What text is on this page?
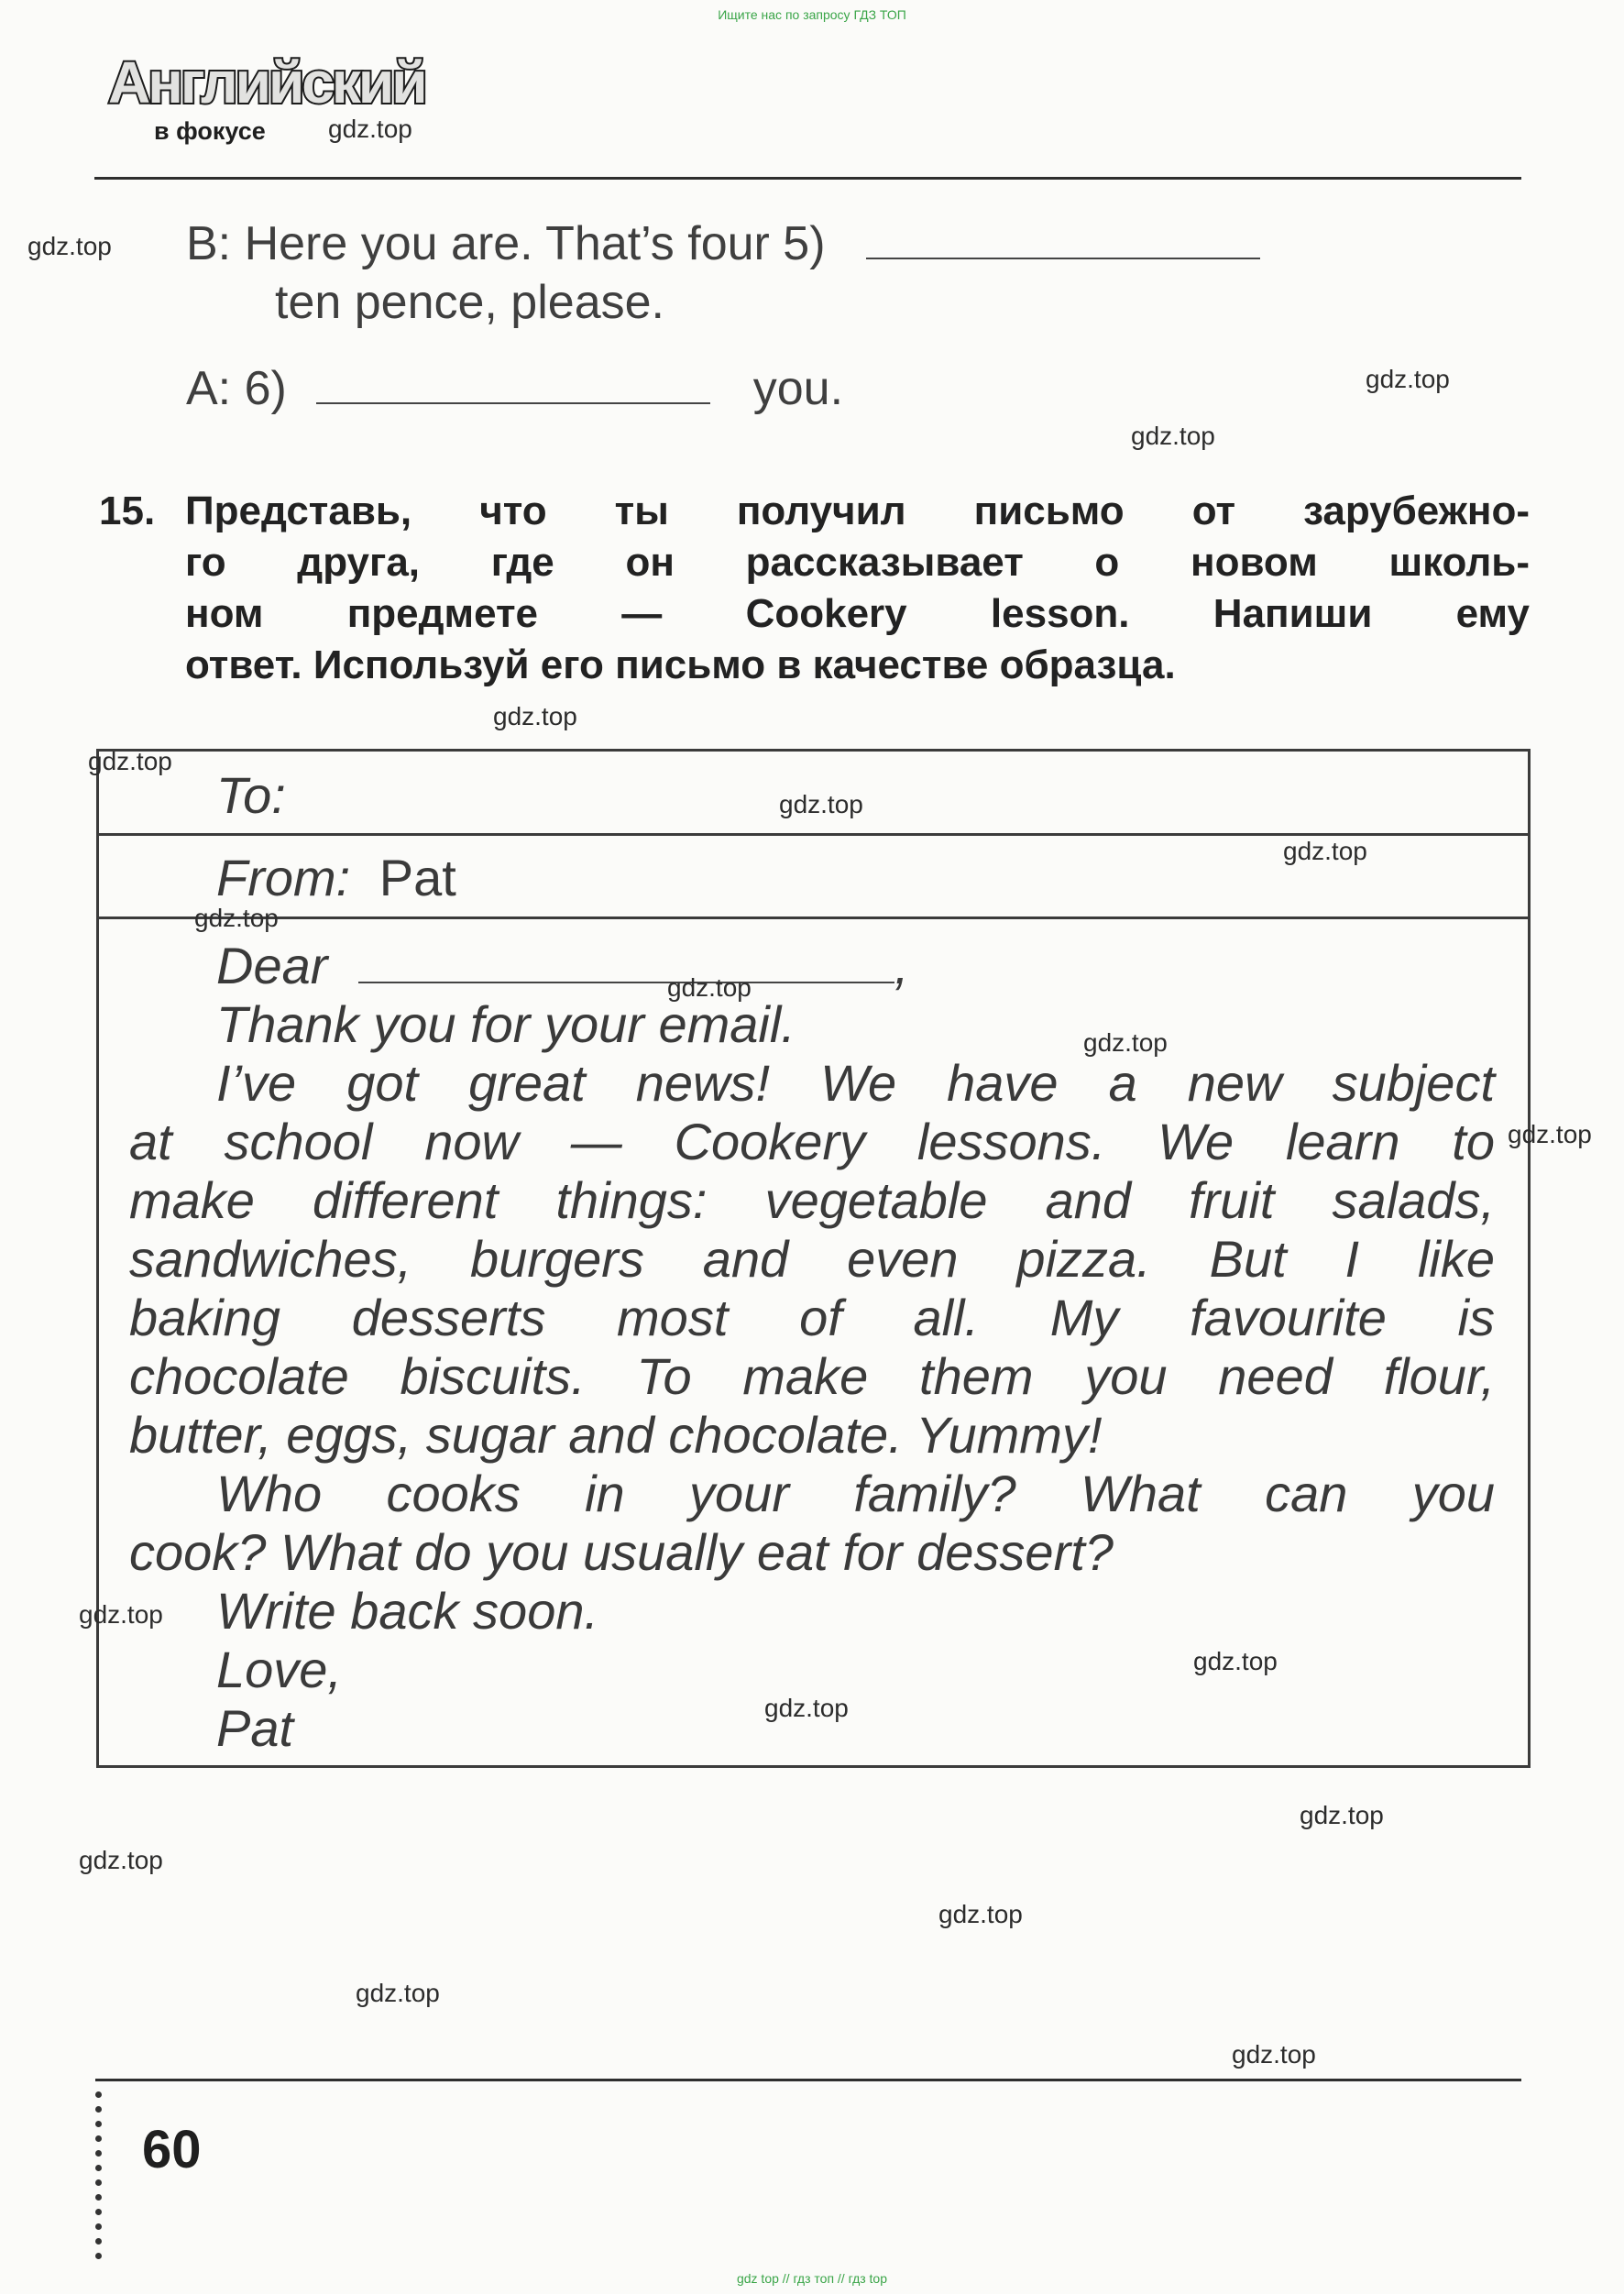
Ищите нас по запросу ГДЗ ТОП
Английский
в фокусе
B: Here you are. That’s four 5)
ten pence, please.
A: 6)	you.
15. Представь, что ты получил письмо от зарубежно-
го друга, где он рассказывает о новом школь-
ном предмете — Cookery lesson. Напиши ему
ответ. Используй его письмо в качестве образца.
To:
From: Pat
Dear	,
Thank you for your email.
I’ve got great news! We have a new subject
at school now — Cookery lessons. We learn to
make different things: vegetable and fruit salads,
sandwiches, burgers and even pizza. But I like
baking desserts most of all. My favourite is
chocolate biscuits. To make them you need flour,
butter, eggs, sugar and chocolate. Yummy!
Who cooks in your family? What can you
cook? What do you usually eat for dessert?
Write back soon.
Love,
Pat
gdz.top
gdz.top
gdz.top
gdz.top
gdz.top
gdz.top
gdz.top
gdz.top
gdz.top
gdz.top
gdz.top
gdz.top
gdz.top
gdz.top
gdz.top
gdz.top
gdz.top
gdz.top
gdz.top
gdz.top
60
gdz top // гдз топ // гдз top
